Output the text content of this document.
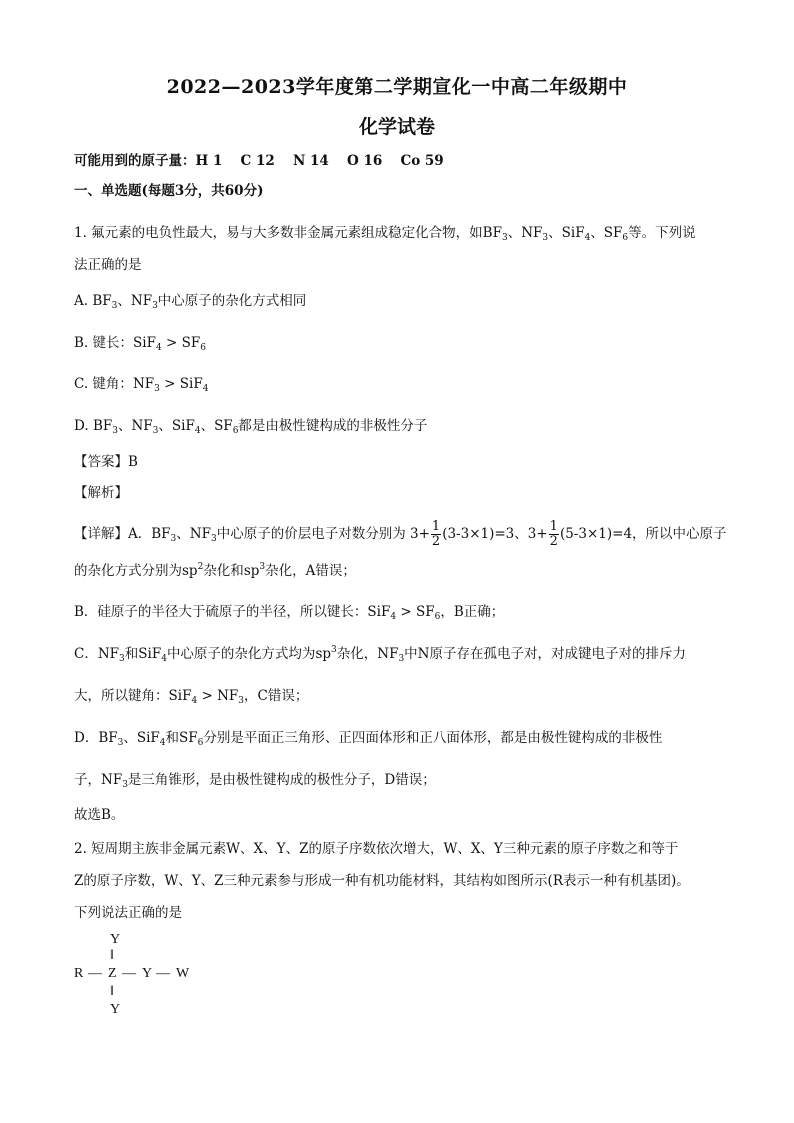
2022—2023学年度第二学期宣化一中高二年级期中
化学试卷
可能用到的原子量：H 1　 C 12　 N 14　 O 16　 Co 59
一、单选题(每题3分，共60分)
1. 氟元素的电负性最大，易与大多数非金属元素组成稳定化合物，如$BF_3$、$NF_3$、SiF$_4$、$SF_6$等。下列说
法正确的是
A. $BF_3$、$NF_3$中心原子的杂化方式相同
B. 键长：$SiF_4 > SF_6$
C. 键角：$NF_3 > SiF_4$
D. $BF_3$、$NF_3$、SiF$_4$、$SF_6$都是由极性键构成的非极性分子
【答案】B
【解析】
【详解】A．$BF_3$、$NF_3$中心原子的价层电子对数分别为 $3+ \frac{1}{2} (3-3\times 1)=3$、$3+ \frac{1}{2} (5-3\times 1)=4$，所以中心原子
的杂化方式分别为$sp^2$杂化和$sp^3$杂化，A错误；
B．硅原子的半径大于硫原子的半径，所以键长：$SiF_4 > SF_6$，B正确；
C．$NF_3$和SiF$_4$中心原子的杂化方式均为$sp^3$杂化，$NF_3$中N原子存在孤电子对，对成键电子对的排斥力
大，所以键角：$SiF_4 > NF_3$，C错误；
D．$BF_3$、SiF$_4$和$SF_6$分别是平面正三角形、正四面体形和正八面体形，都是由极性键构成的非极性
子，$NF_3$是三角锥形，是由极性键构成的极性分子，D错误；
故选B。
2. 短周期主族非金属元素W、X、Y、Z的原子序数依次增大，W、X、Y三种元素的原子序数之和等于
Z的原子序数，W、Y、Z三种元素参与形成一种有机功能材料，其结构如图所示(R表示一种有机基团)。
下列说法正确的是
Y
‖
R — Z — Y — W
‖
Y
